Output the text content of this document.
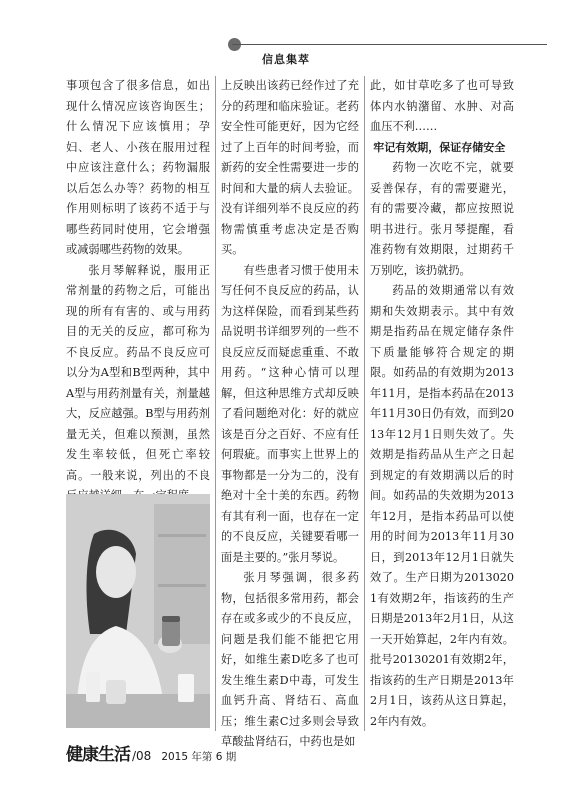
信息集萃

事项包含了很多信息，如出现什么情况应该咨询医生；什么情况下应该慎用；孕妇、老人、小孩在服用过程中应该注意什么；药物漏服以后怎么办等？药物的相互作用则标明了该药不适于与哪些药同时使用，它会增强或减弱哪些药物的效果。

张月琴解释说，服用正常剂量的药物之后，可能出现的所有有害的、或与用药目的无关的反应，都可称为不良反应。药品不良反应可以分为A型和B型两种，其中A型与用药剂量有关，剂量越大，反应越强。B型与用药剂量无关，但难以预测，虽然发生率较低，但死亡率较高。一般来说，列出的不良

上反映出该药已经作过了充分的药理和临床验证。老药安全性可能更好，因为它经过了上百年的时间考验，而新药的安全性需要进一步的时间和大量的病人去验证。没有详细列举不良反应的药物需慎重考虑决定是否购买。

有些患者习惯于使用未写任何不良反应的药品，认为这样保险，而看到某些药品说明书详细罗列的一些不良反应反而疑虑重重、不敢用药。“这种心情可以理解，但这种思维方式却反映了看问题绝对化：好的就应该是百分之百好、不应有任何瑕疵。而事实上世界上的事物都是一分为二的，没有绝对十全十美的东西。药物有其有利一面，也存在一定的不良反应，关键要看哪一面是主要的。”张月琴说。

张月琴强调，很多药物，包括很多常用药，都会存在或多或少的不良反应，问题是我们能不能把它用好，如维生素D吃多了也可发生维生素D中毒，可发生血钙升高、肾结石、高血压；维生素C过多则会导致草酸盐肾结石，中药也是如

此，如甘草吃多了也可导致体内水钠潴留、水肿、对高血压不利……

牢记有效期，保证存储安全

药物一次吃不完，就要妥善保存，有的需要避光，有的需要冷藏，都应按照说明书进行。张月琴提醒，看准药物有效期限，过期药千万别吃，该扔就扔。

药品的效期通常以有效期和失效期表示。其中有效期是指药品在规定储存条件下质量能够符合规定的期限。如药品的有效期为2013年11月，是指本药品在2013年11月30日仍有效，而到2013年12月1日则失效了。失效期是指药品从生产之日起到规定的有效期满以后的时间。如药品的失效期为2013年12月，是指本药品可以使用的时间为2013年11月30日，到2013年12月1日就失效了。生产日期为20130201有效期2年，指该药的生产日期是2013年2月1日，从这一天开始算起，2年内有效。批号20130201有效期2年，指该药的生产日期是2013年2月1日，该药从这日算起，2年内有效。

健康生活 /08 2015 年第 6 期
